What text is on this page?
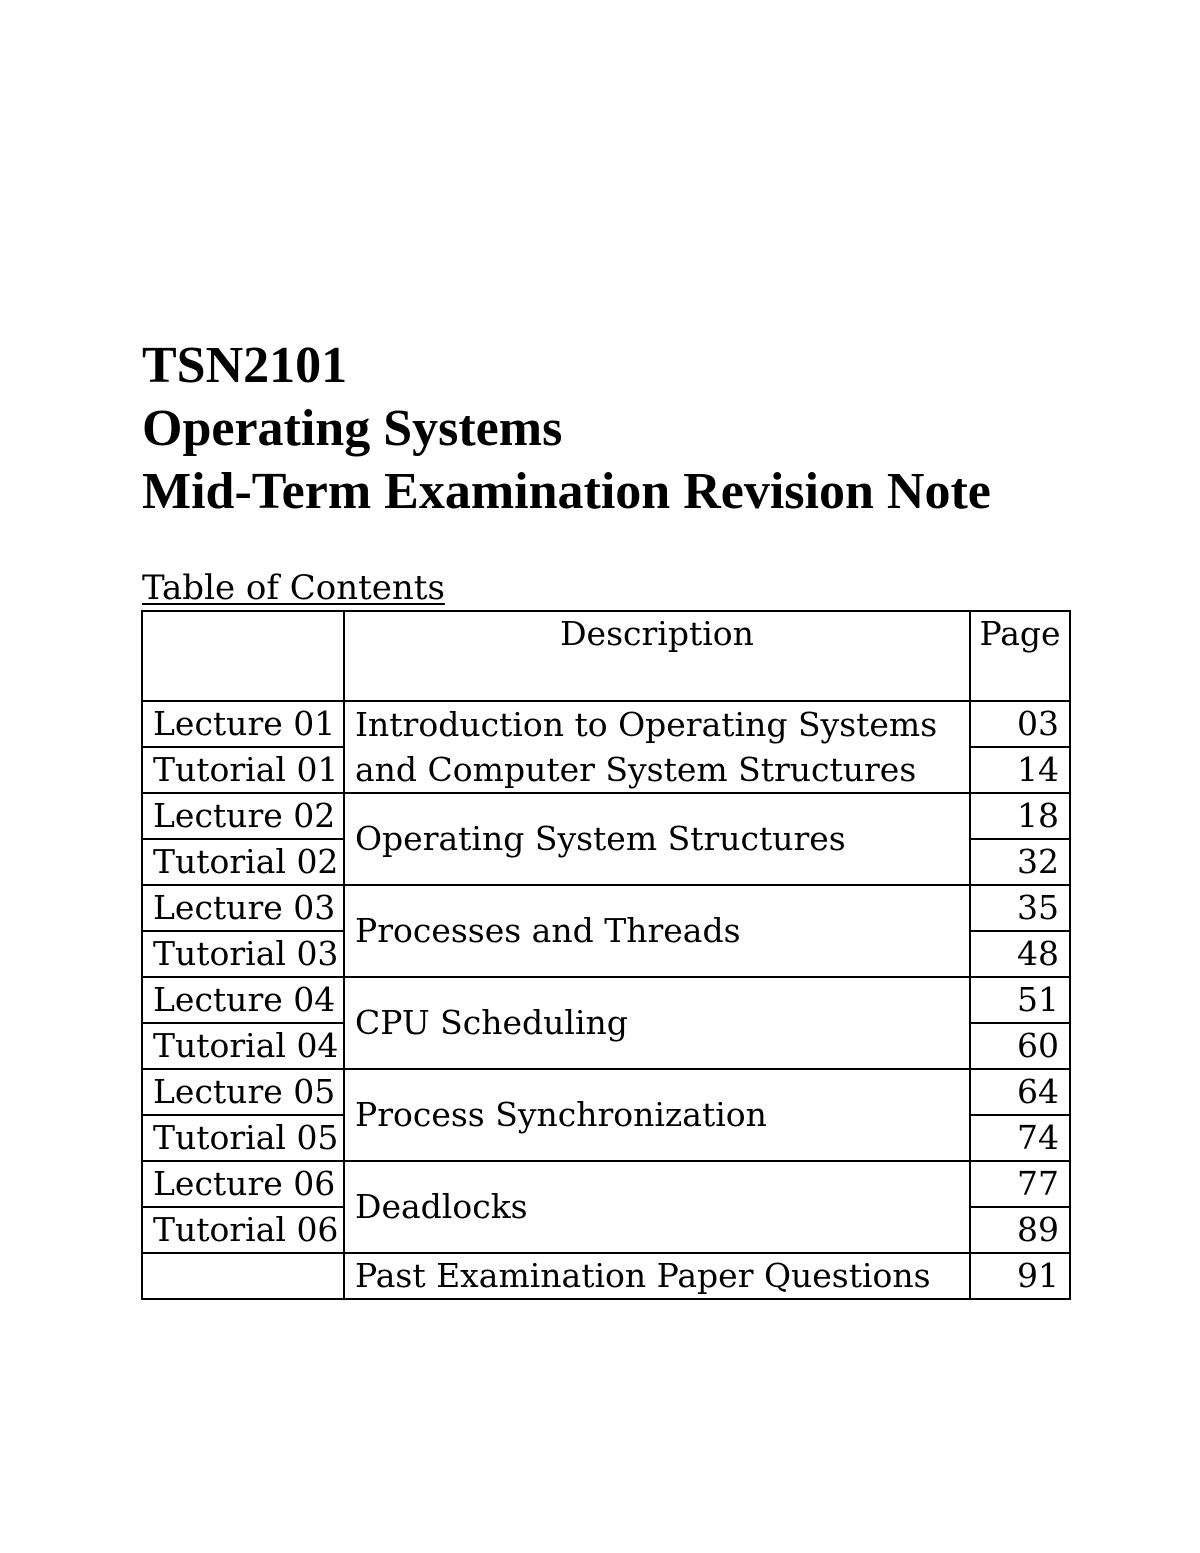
TSN2101
Operating Systems
Mid-Term Examination Revision Note
Table of Contents
	Description	Page
Lecture 01	Introduction to Operating Systems and Computer System Structures	03
Tutorial 01		14
Lecture 02	Operating System Structures	18
Tutorial 02		32
Lecture 03	Processes and Threads	35
Tutorial 03		48
Lecture 04	CPU Scheduling	51
Tutorial 04		60
Lecture 05	Process Synchronization	64
Tutorial 05		74
Lecture 06	Deadlocks	77
Tutorial 06		89
	Past Examination Paper Questions	91
